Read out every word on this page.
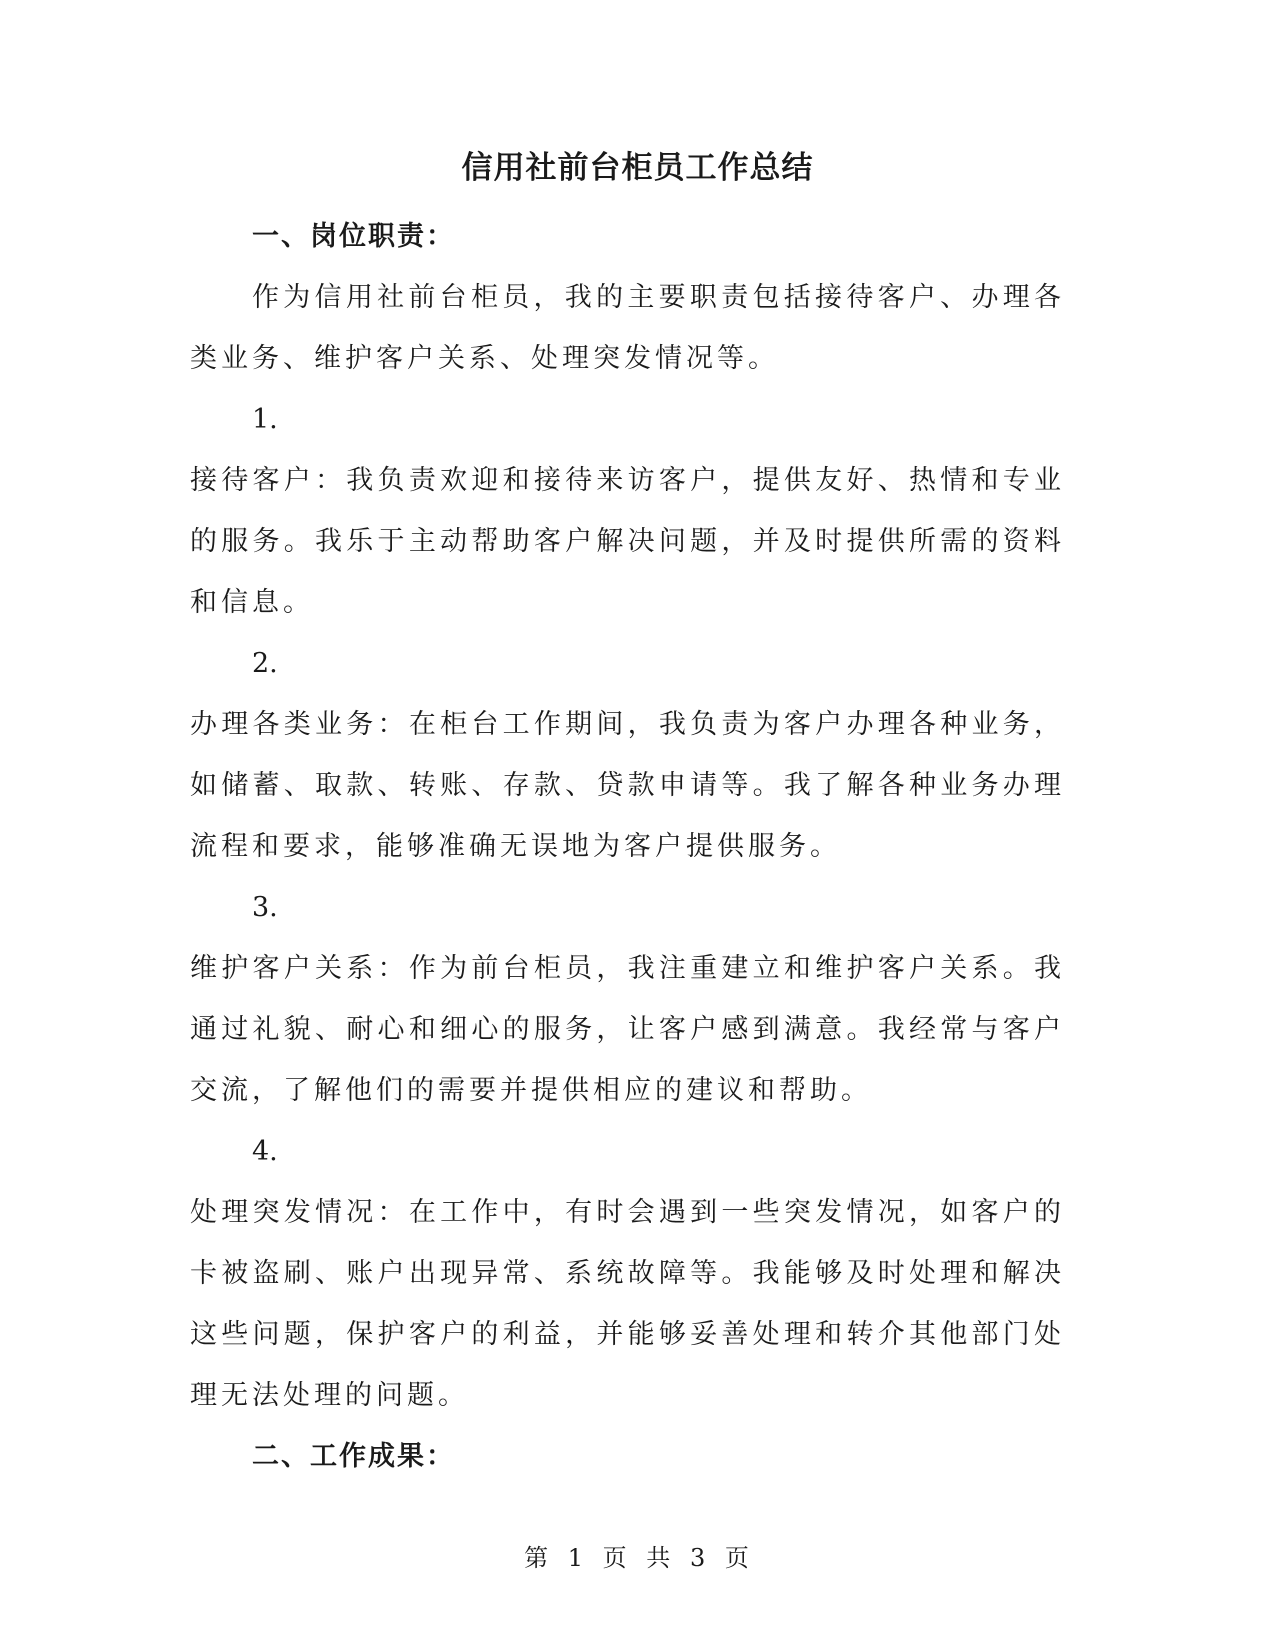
信用社前台柜员工作总结
一、岗位职责：

作为信用社前台柜员，我的主要职责包括接待客户、办理各类业务、维护客户关系、处理突发情况等。

1.

接待客户：我负责欢迎和接待来访客户，提供友好、热情和专业的服务。我乐于主动帮助客户解决问题，并及时提供所需的资料和信息。

2.

办理各类业务：在柜台工作期间，我负责为客户办理各种业务，如储蓄、取款、转账、存款、贷款申请等。我了解各种业务办理流程和要求，能够准确无误地为客户提供服务。

3.

维护客户关系：作为前台柜员，我注重建立和维护客户关系。我通过礼貌、耐心和细心的服务，让客户感到满意。我经常与客户交流，了解他们的需要并提供相应的建议和帮助。

4.

处理突发情况：在工作中，有时会遇到一些突发情况，如客户的卡被盗刷、账户出现异常、系统故障等。我能够及时处理和解决这些问题，保护客户的利益，并能够妥善处理和转介其他部门处理无法处理的问题。

二、工作成果：
第 1 页 共 3 页
